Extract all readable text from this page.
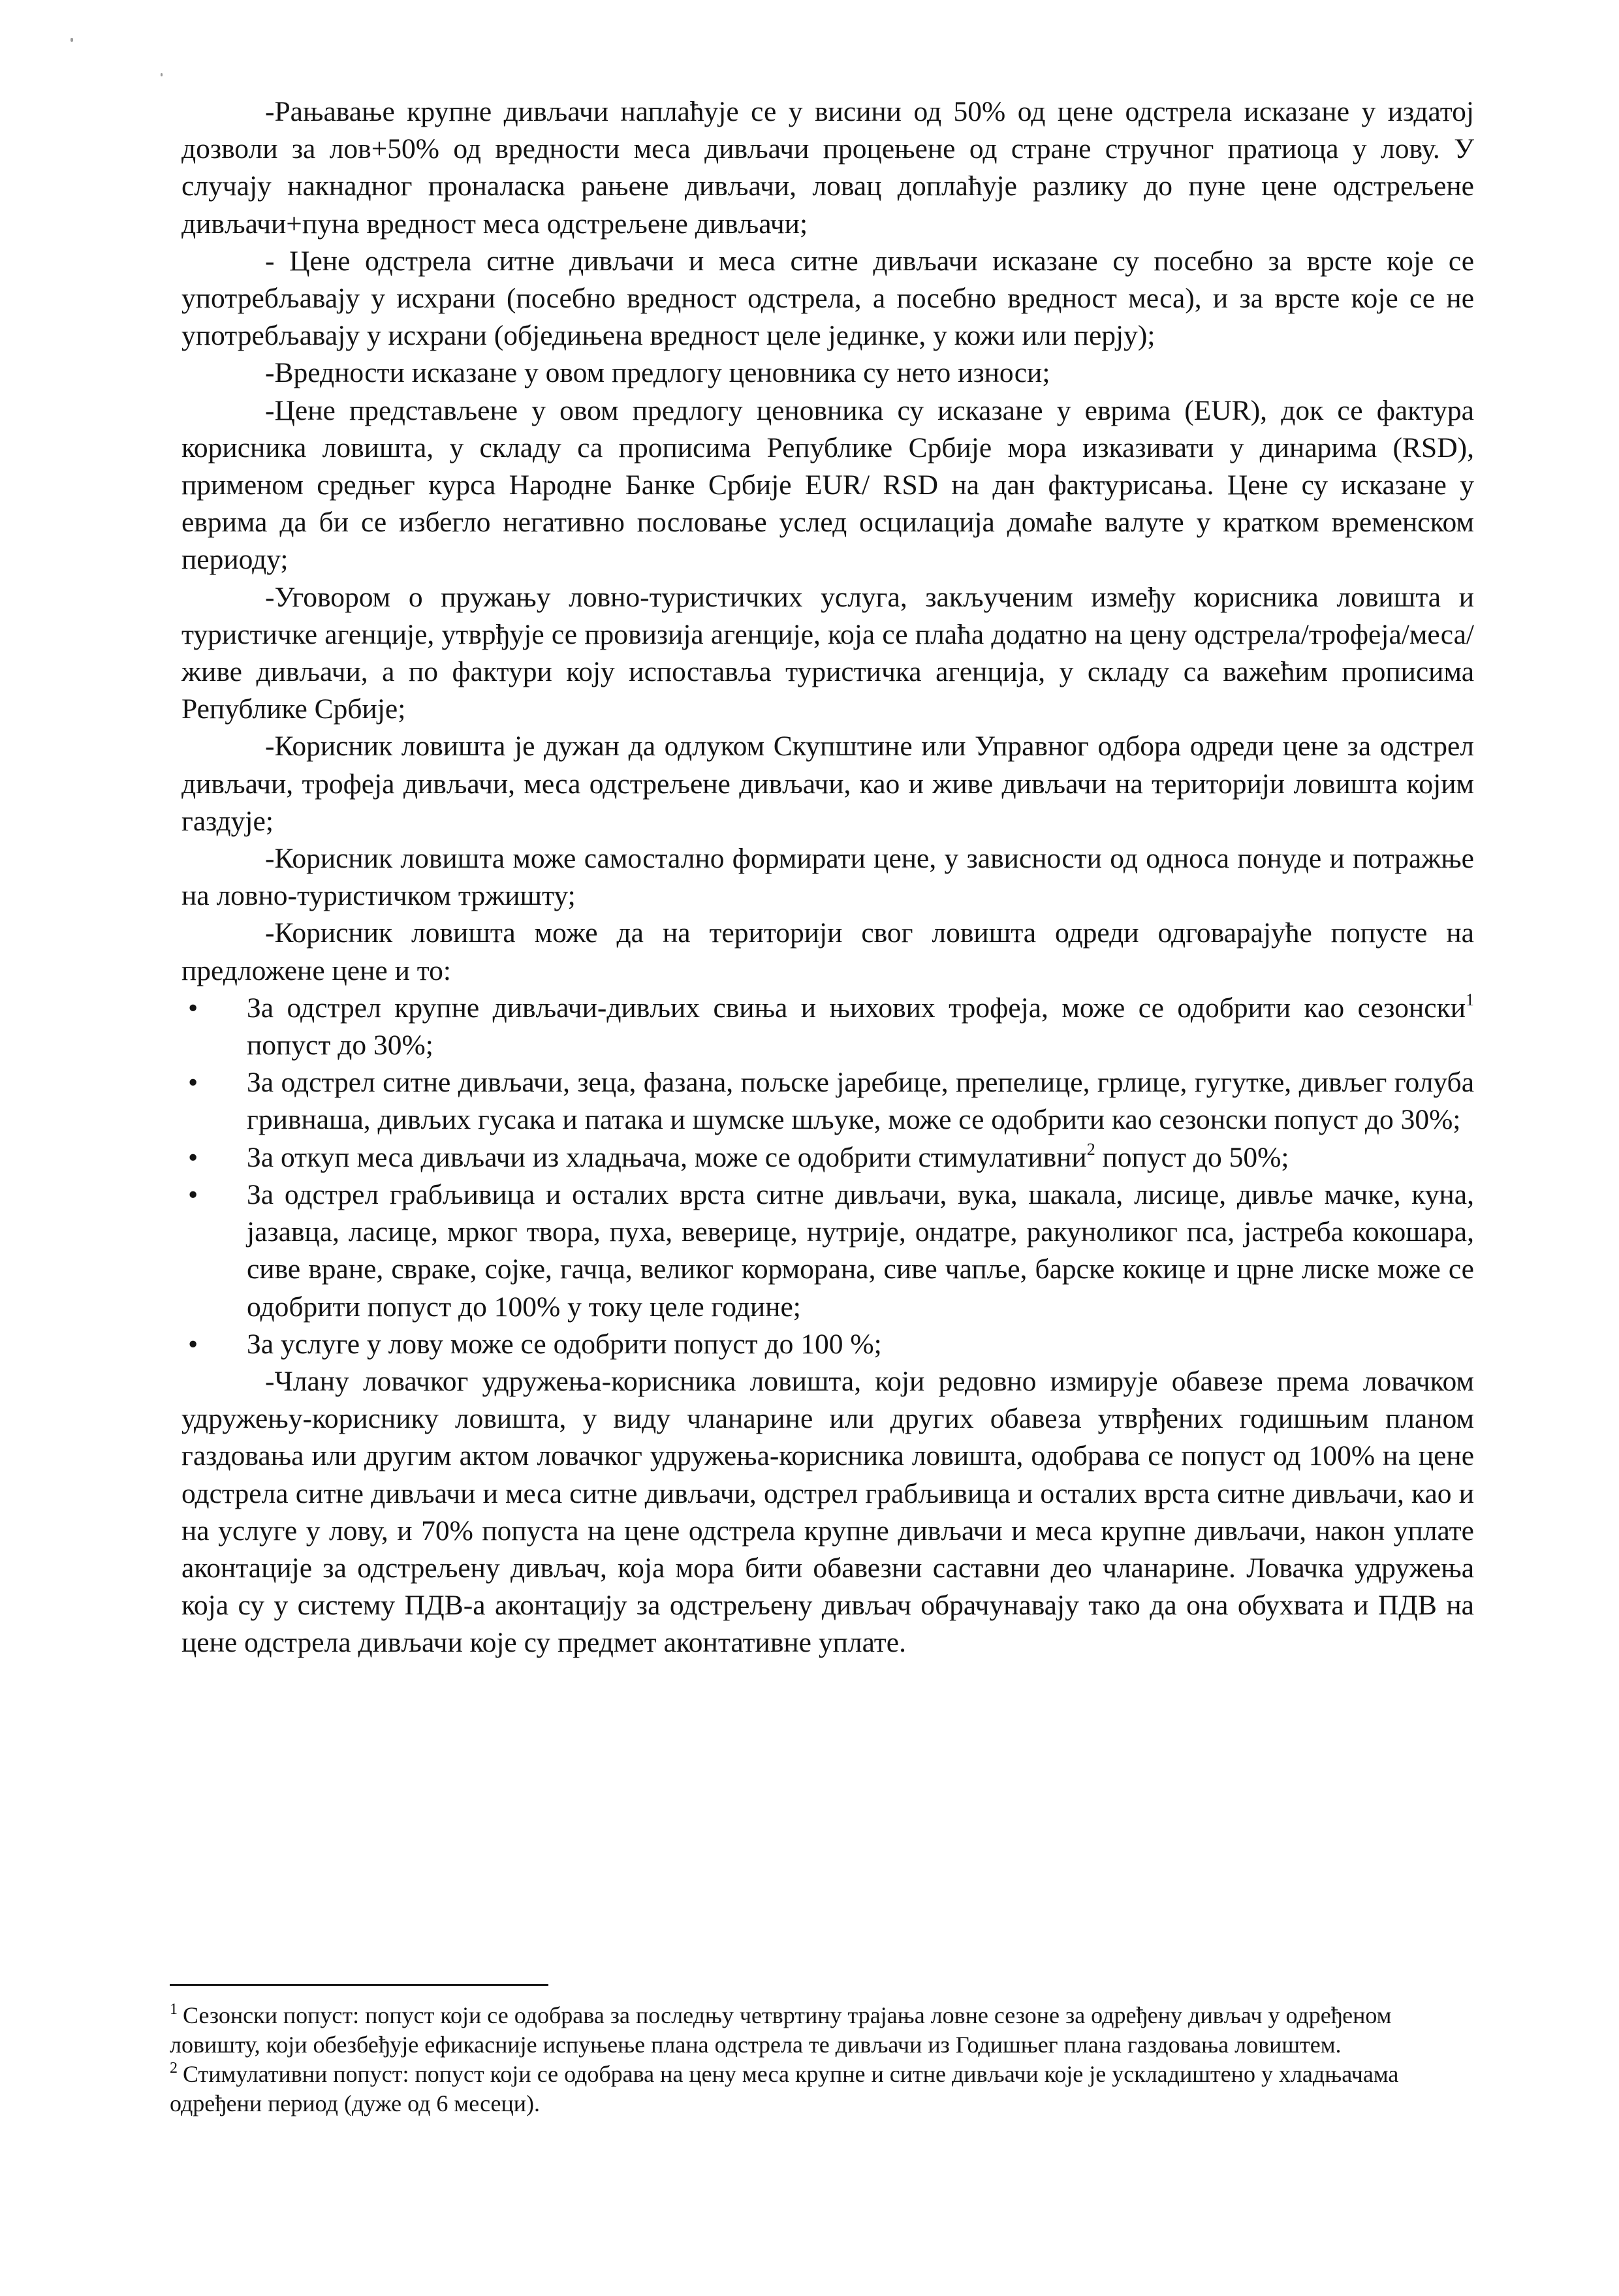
-Рањавање крупне дивљачи наплаћује се у висини од 50% од цене одстрела исказане у издатој дозволи за лов+50% од вредности меса дивљачи процењене од стране стручног пратиоца у лову. У случају накнадног проналаска рањене дивљачи, ловац доплаћује разлику до пуне цене одстрељене дивљачи+пуна вредност меса одстрељене дивљачи;

- Цене одстрела ситне дивљачи и меса ситне дивљачи исказане су посебно за врсте које се употребљавају у исхрани (посебно вредност одстрела, а посебно вредност меса), и за врсте које се не употребљавају у исхрани (обједињена вредност целе јединке, у кожи или перју);

-Вредности исказане у овом предлогу ценовника су нето износи;

-Цене представљене у овом предлогу ценовника су исказане у еврима (EUR), док се фактура корисника ловишта, у складу са прописима Републике Србије мора изказивати у динарима (RSD), применом средњег курса Народне Банке Србије EUR/ RSD на дан фактурисања. Цене су исказане у еврима да би се избегло негативно пословање услед осцилација домаће валуте у кратком временском периоду;

-Уговором о пружању ловно-туристичких услуга, закљученим између корисника ловишта и туристичке агенције, утврђује се провизија агенције, која се плаћа додатно на цену одстрела/трофеја/меса/живе дивљачи, а по фактури коју испоставља туристичка агенција, у складу са важећим прописима Републике Србије;

-Корисник ловишта је дужан да одлуком Скупштине или Управног одбора одреди цене за одстрел дивљачи, трофеја дивљачи, меса одстрељене дивљачи, као и живе дивљачи на територији ловишта којим газдује;

-Корисник ловишта може самостално формирати цене, у зависности од односа понуде и потражње на ловно-туристичком тржишту;

-Корисник ловишта може да на територији свог ловишта одреди одговарајуће попусте на предложене цене и то:

•	За одстрел крупне дивљачи-дивљих свиња и њихових трофеја, може се одобрити као сезонски$^1$ попуст до 30%;
•	За одстрел ситне дивљачи, зеца, фазана, пољске јаребице, препелице, грлице, гугутке, дивљег голуба гривнаша, дивљих гусака и патака и шумске шљуке, може се одобрити као сезонски попуст до 30%;
•	За откуп меса дивљачи из хладњача, може се одобрити стимулативни$^2$ попуст до 50%;
•	За одстрел грабљивица и осталих врста ситне дивљачи, вука, шакала, лисице, дивље мачке, куна, јазавца, ласице, мрког твора, пуха, веверице, нутрије, ондатре, ракуноликог пса, јастреба кокошара, сиве вране, свраке, сојке, гачца, великог корморана, сиве чапље, барске кокице и црне лиске може се одобрити попуст до 100% у току целе године;
•	За услуге у лову може се одобрити попуст до 100 %;

-Члану ловачког удружења-корисника ловишта, који редовно измирује обавезе према ловачком удружењу-кориснику ловишта, у виду чланарине или других обавеза утврђених годишњим планом газдовања или другим актом ловачког удружења-корисника ловишта, одобрава се попуст од 100% на цене одстрела ситне дивљачи и меса ситне дивљачи, одстрел грабљивица и осталих врста ситне дивљачи, као и на услуге у лову, и 70% попуста на цене одстрела крупне дивљачи и меса крупне дивљачи, након уплате аконтације за одстрељену дивљач, која мора бити обавезни саставни део чланарине. Ловачка удружења која су у систему ПДВ-а аконтацију за одстрељену дивљач обрачунавају тако да она обухвата и ПДВ на цене одстрела дивљачи које су предмет аконтативне уплате.

$^1$ Сезонски попуст: попуст који се одобрава за последњу четвртину трајања ловне сезоне за одређену дивљач у одређеном ловишту, који обезбеђује ефикасније испуњење плана одстрела те дивљачи из Годишњег плана газдовања ловиштем.

$^2$ Стимулативни попуст: попуст који се одобрава на цену меса крупне и ситне дивљачи које је ускладиштено у хладњачама одређени период (дуже од 6 месеци).
